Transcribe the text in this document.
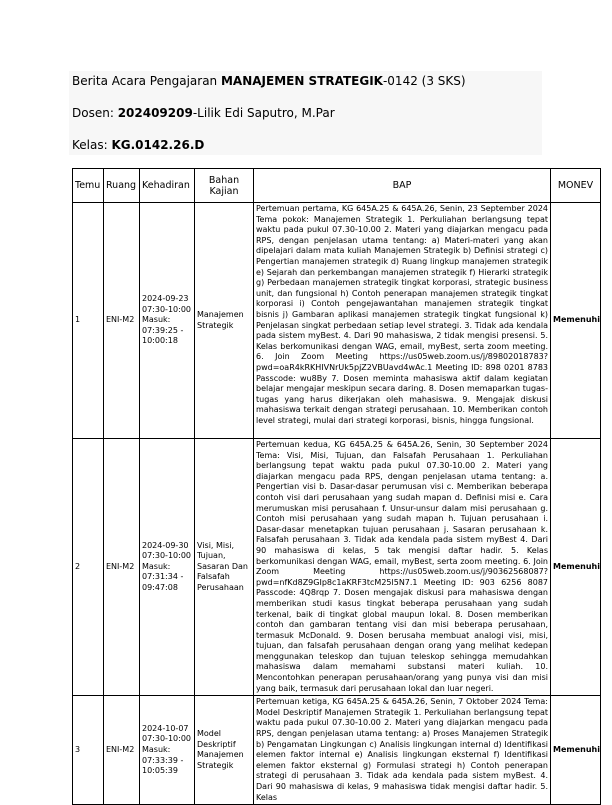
Berita Acara Pengajaran MANAJEMEN STRATEGIK-0142 (3 SKS)
Dosen: 202409209-Lilik Edi Saputro, M.Par
Kelas: KG.0142.26.D
Temu	Ruang	Kehadiran	Bahan Kajian	BAP	MONEV
1	ENI-M2	2024-09-23 07:30-10:00 Masuk: 07:39:25 - 10:00:18	Manajemen Strategik	Pertemuan pertama, KG 645A.25 & 645A.26, Senin, 23 September 2024 Tema pokok: Manajemen Strategik 1. Perkuliahan berlangsung tepat waktu pada pukul 07.30-10.00 2. Materi yang diajarkan mengacu pada RPS, dengan penjelasan utama tentang: a) Materi-materi yang akan dipelajari dalam mata kuliah Manajemen Strategik b) Definisi strategi c) Pengertian manajemen strategik d) Ruang lingkup manajemen strategik e) Sejarah dan perkembangan manajemen strategik f) Hierarki strategik g) Perbedaan manajemen strategik tingkat korporasi, strategic business unit, dan fungsional h) Contoh penerapan manajemen strategik tingkat korporasi i) Contoh pengejawantahan manajemen strategik tingkat bisnis j) Gambaran aplikasi manajemen strategik tingkat fungsional k) Penjelasan singkat perbedaan setiap level strategi. 3. Tidak ada kendala pada sistem myBest. 4. Dari 90 mahasiswa, 2 tidak mengisi presensi. 5. Kelas berkomunikasi dengan WAG, email, myBest, serta zoom meeting. 6. Join Zoom Meeting https://us05web.zoom.us/j/89802018783?pwd=oaR4kRKHIVNrUk5pjZ2VBUavd4wAc.1 Meeting ID: 898 0201 8783 Passcode: wu8By 7. Dosen meminta mahasiswa aktif dalam kegiatan belajar mengajar meskipun secara daring. 8. Dosen memaparkan tugas-tugas yang harus dikerjakan oleh mahasiswa. 9. Mengajak diskusi mahasiswa terkait dengan strategi perusahaan. 10. Memberikan contoh level strategi, mulai dari strategi korporasi, bisnis, hingga fungsional.	Memenuhi
2	ENI-M2	2024-09-30 07:30-10:00 Masuk: 07:31:34 - 09:47:08	Visi, Misi, Tujuan, Sasaran Dan Falsafah Perusahaan	Pertemuan kedua, KG 645A.25 & 645A.26, Senin, 30 September 2024 Tema: Visi, Misi, Tujuan, dan Falsafah Perusahaan 1. Perkuliahan berlangsung tepat waktu pada pukul 07.30-10.00 2. Materi yang diajarkan mengacu pada RPS, dengan penjelasan utama tentang: a. Pengertian visi b. Dasar-dasar perumusan visi c. Memberikan beberapa contoh visi dari perusahaan yang sudah mapan d. Definisi misi e. Cara merumuskan misi perusahaan f. Unsur-unsur dalam misi perusahaan g. Contoh misi perusahaan yang sudah mapan h. Tujuan perusahaan i. Dasar-dasar menetapkan tujuan perusahaan j. Sasaran perusahaan k. Falsafah perusahaan 3. Tidak ada kendala pada sistem myBest 4. Dari 90 mahasiswa di kelas, 5 tak mengisi daftar hadir. 5. Kelas berkomunikasi dengan WAG, email, myBest, serta zoom meeting. 6. Join Zoom Meeting https://us05web.zoom.us/j/90362568087?pwd=nfKd8Z9GIp8c1aKRF3tcM25l5N7.1 Meeting ID: 903 6256 8087 Passcode: 4Q8rqp 7. Dosen mengajak diskusi para mahasiswa dengan memberikan studi kasus tingkat beberapa perusahaan yang sudah terkenal, baik di tingkat global maupun lokal. 8. Dosen memberikan contoh dan gambaran tentang visi dan misi beberapa perusahaan, termasuk McDonald. 9. Dosen berusaha membuat analogi visi, misi, tujuan, dan falsafah perusahaan dengan orang yang melihat kedepan menggunakan teleskop dan tujuan teleskop sehingga memudahkan mahasiswa dalam memahami substansi materi kuliah. 10. Mencontohkan penerapan perusahaan/orang yang punya visi dan misi yang baik, termasuk dari perusahaan lokal dan luar negeri.	Memenuhi
3	ENI-M2	2024-10-07 07:30-10:00 Masuk: 07:33:39 - 10:05:39	Model Deskriptif Manajemen Strategik	Pertemuan ketiga, KG 645A.25 & 645A.26, Senin, 7 Oktober 2024 Tema: Model Deskriptif Manajemen Strategik 1. Perkuliahan berlangsung tepat waktu pada pukul 07.30-10.00 2. Materi yang diajarkan mengacu pada RPS, dengan penjelasan utama tentang: a) Proses Manajemen Strategik b) Pengamatan Lingkungan c) Analisis lingkungan internal d) Identifikasi elemen faktor internal e) Analisis lingkungan eksternal f) Identifikasi elemen faktor eksternal g) Formulasi strategi h) Contoh penerapan strategi di perusahaan 3. Tidak ada kendala pada sistem myBest. 4. Dari 90 mahasiswa di kelas, 9 mahasiswa tidak mengisi daftar hadir. 5. Kelas	Memenuhi
